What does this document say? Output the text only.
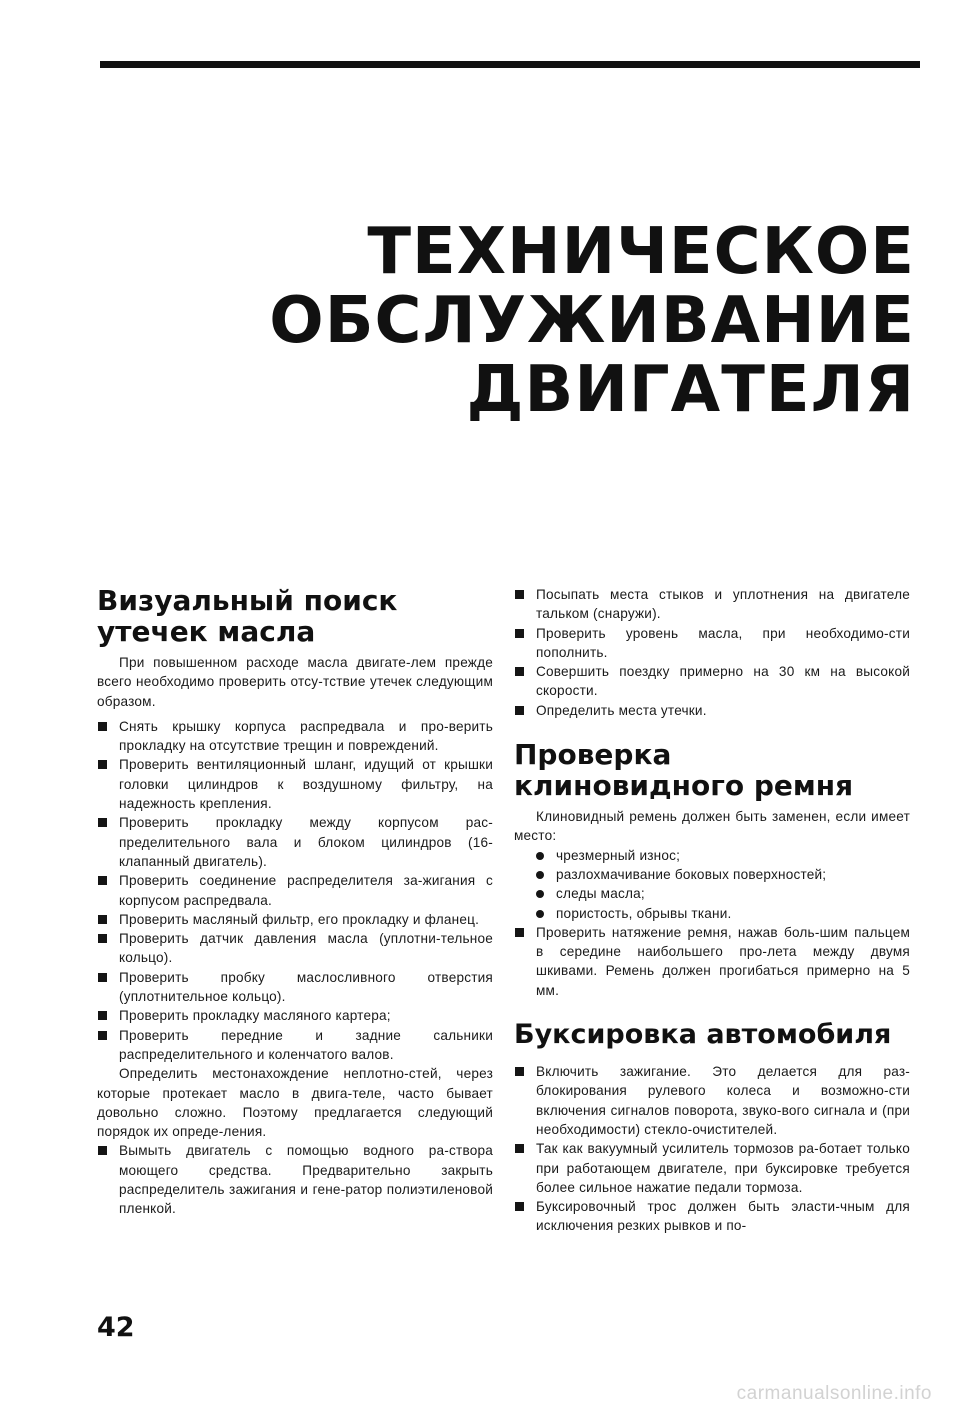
ТЕХНИЧЕСКОЕ
ОБСЛУЖИВАНИЕ
ДВИГАТЕЛЯ
Визуальный поиск
утечек масла

При повышенном расходе масла двигате-лем прежде всего необходимо проверить отсу-тствие утечек следующим образом.

Снять крышку корпуса распредвала и про-верить прокладку на отсутствие трещин и повреждений.

Проверить вентиляционный шланг, идущий от крышки головки цилиндров к воздушному фильтру, на надежность крепления.

Проверить прокладку между корпусом рас-пределительного вала и блоком цилиндров (16-клапанный двигатель).

Проверить соединение распределителя за-жигания с корпусом распредвала.

Проверить масляный фильтр, его прокладку и фланец.

Проверить датчик давления масла (уплотни-тельное кольцо).

Проверить пробку маслосливного отверстия (уплотнительное кольцо).

Проверить прокладку масляного картера;

Проверить передние и задние сальники распределительного и коленчатого валов.

Определить местонахождение неплотно-стей, через которые протекает масло в двига-теле, часто бывает довольно сложно. Поэтому предлагается следующий порядок их опреде-ления.

Вымыть двигатель с помощью водного ра-створа моющего средства. Предварительно закрыть распределитель зажигания и гене-ратор полиэтиленовой пленкой.

Посыпать места стыков и уплотнения на двигателе тальком (снаружи).

Проверить уровень масла, при необходимо-сти пополнить.

Совершить поездку примерно на 30 км на высокой скорости.

Определить места утечки.

Проверка
клиновидного ремня

Клиновидный ремень должен быть заменен, если имеет место:

чрезмерный износ;

разлохмачивание боковых поверхностей;

следы масла;

пористость, обрывы ткани.

Проверить натяжение ремня, нажав боль-шим пальцем в середине наибольшего про-лета между двумя шкивами. Ремень должен прогибаться примерно на 5 мм.

Буксировка автомобиля

Включить зажигание. Это делается для раз-блокирования рулевого колеса и возможно-сти включения сигналов поворота, звуко-вого сигнала и (при необходимости) стекло-очистителей.

Так как вакуумный усилитель тормозов ра-ботает только при работающем двигателе, при буксировке требуется более сильное нажатие педали тормоза.

Буксировочный трос должен быть эласти-чным для исключения резких рывков и по-

42
carmanualsonline.info
